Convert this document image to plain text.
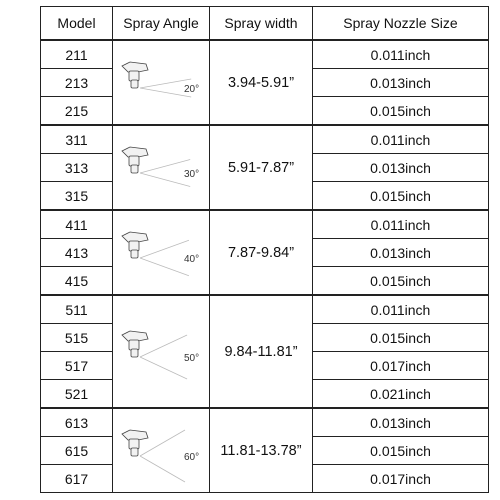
Model	Spray Angle	Spray width	Spray Nozzle Size
211	20°	3.94-5.91”	0.011inch
213			0.013inch
215			0.015inch
311	30°	5.91-7.87”	0.011inch
313			0.013inch
315			0.015inch
411	40°	7.87-9.84”	0.011inch
413			0.013inch
415			0.015inch
511	50°	9.84-11.81”	0.011inch
515			0.015inch
517			0.017inch
521			0.021inch
613	60°	11.81-13.78”	0.013inch
615			0.015inch
617			0.017inch
